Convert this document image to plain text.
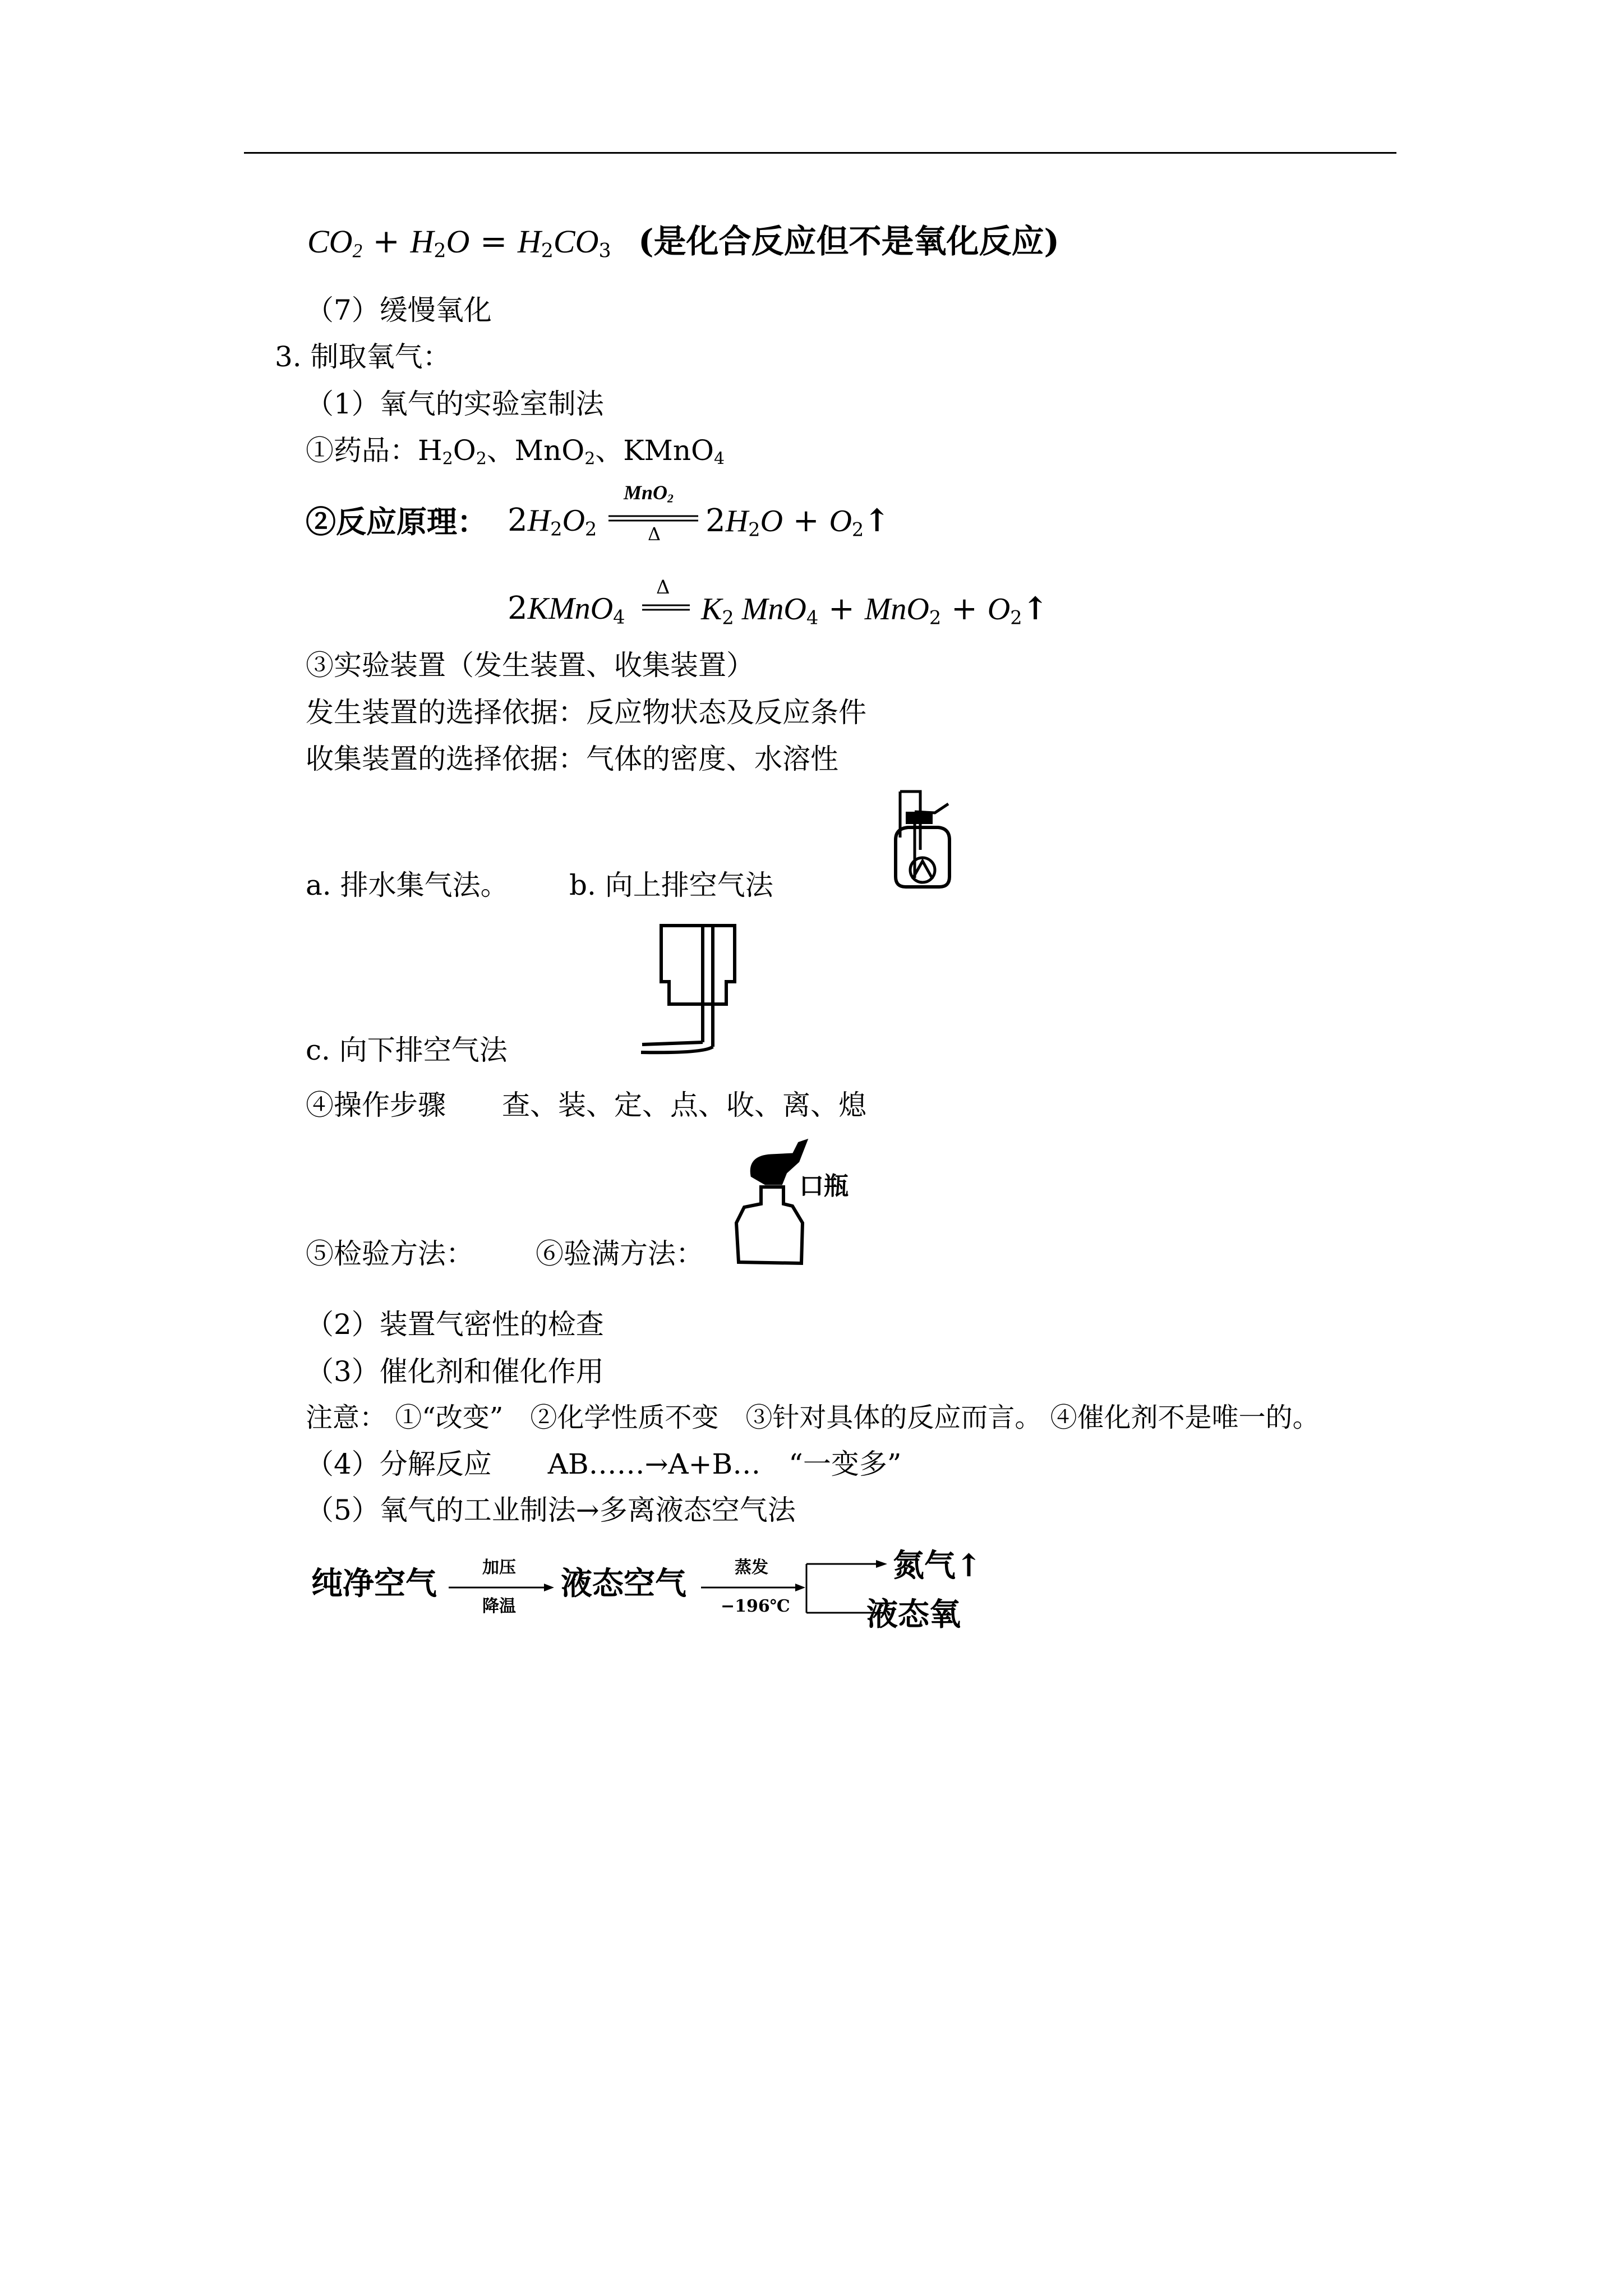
$CO_2 + H_2O = H_2CO_3$ (是化合反应但不是氧化反应)
（7）缓慢氧化
3. 制取氧气：
（1）氧气的实验室制法
①药品：$H_2O_2$、MnO$_2$、KMnO$_4$
②反应原理： $2H_2O_2$
MnO$_2$
Δ $2H_2O$ + $O_2↑$
2KMnO$_4$
Δ
$K_2$ $MnO_4 + MnO_2 + O_2↑$
③实验装置（发生装置、收集装置）
发生装置的选择依据：反应物状态及反应条件
收集装置的选择依据：气体的密度、水溶性
a. 排水集气法。 b. 向上排空气法
c. 向下排空气法
④操作步骤　　查、装、定、点、收、离、熄
口瓶
⑤检验方法： ⑥验满方法：
（2）装置气密性的检查
（3）催化剂和催化作用
注意： ①“改变”　②化学性质不变　③针对具体的反应而言。 ④催化剂不是唯一的。
（4）分解反应　　AB……→A+B…　“一变多”
（5）氧气的工业制法→多离液态空气法
纯净空气	加压
降温
液态空气	蒸发
−196℃
氮气↑
液态氧
